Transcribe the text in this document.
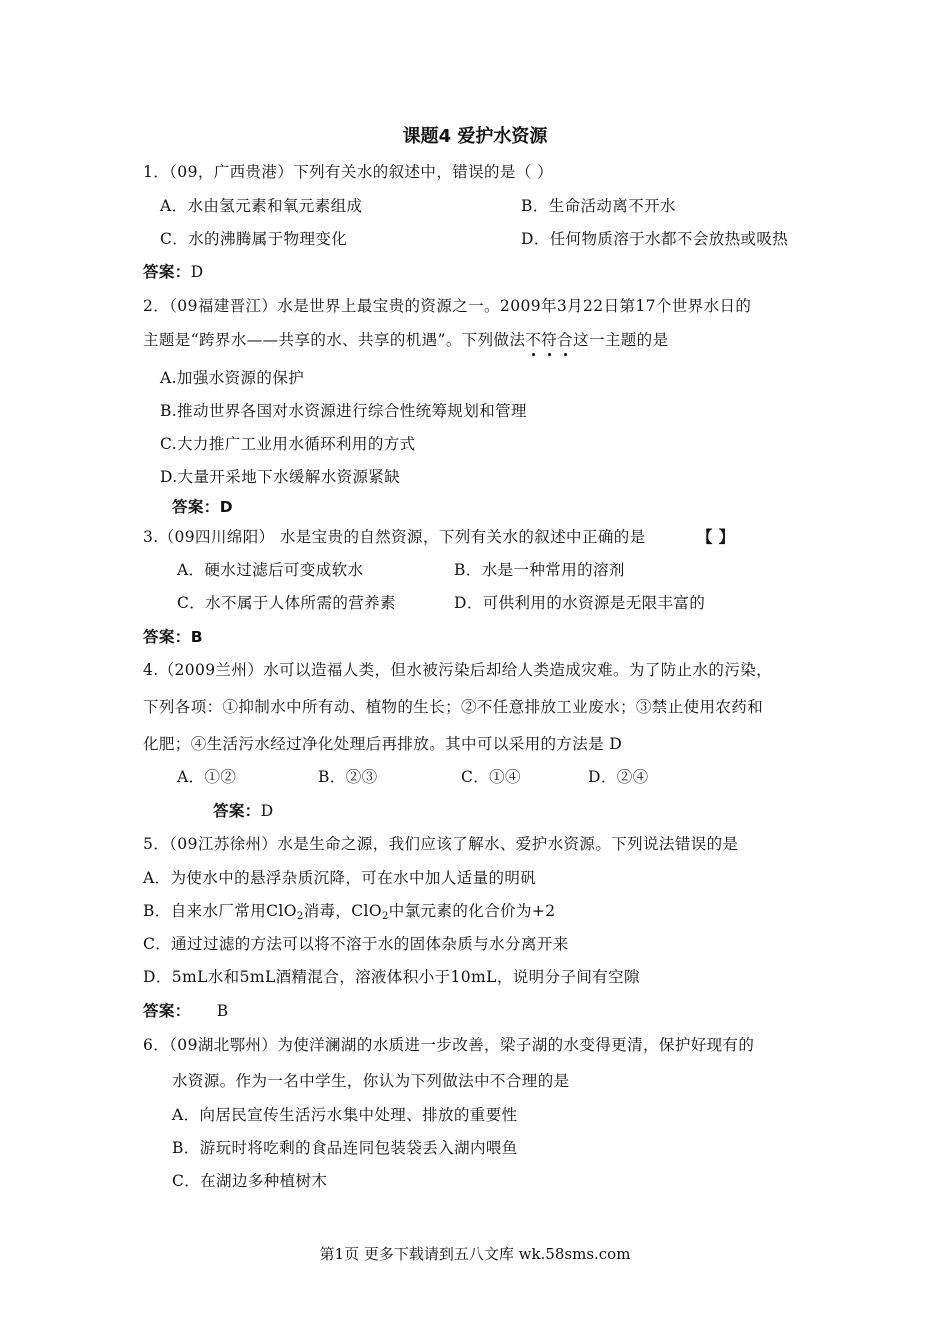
课题4 爱护水资源
1．（09，广西贵港）下列有关水的叙述中，错误的是（ ）
A．水由氢元素和氧元素组成	B．生命活动离不开水
C．水的沸腾属于物理变化	D．任何物质溶于水都不会放热或吸热
答案：D
2．（09福建晋江）水是世界上最宝贵的资源之一。2009年3月22日第17个世界水日的
主题是“跨界水——共享的水、共享的机遇”。下列做法不符合这一主题的是
A.加强水资源的保护
B.推动世界各国对水资源进行综合性统筹规划和管理
C.大力推广工业用水循环利用的方式
D.大量开采地下水缓解水资源紧缺
答案：D
3.（09四川绵阳） 水是宝贵的自然资源，下列有关水的叙述中正确的是	【 】
A．硬水过滤后可变成软水	B．水是一种常用的溶剂
C．水不属于人体所需的营养素	D．可供利用的水资源是无限丰富的
答案：B
4.（2009兰州）水可以造福人类，但水被污染后却给人类造成灾难。为了防止水的污染，
下列各项：①抑制水中所有动、植物的生长；②不任意排放工业废水；③禁止使用农药和
化肥；④生活污水经过净化处理后再排放。其中可以采用的方法是 D
A．①②	B．②③	C．①④	D．②④
答案：D
5．（09江苏徐州）水是生命之源，我们应该了解水、爱护水资源。下列说法错误的是
A．为使水中的悬浮杂质沉降，可在水中加人适量的明矾
B．自来水厂常用ClO$_2$消毒，ClO$_2$中氯元素的化合价为+2
C．通过过滤的方法可以将不溶于水的固体杂质与水分离开来
D．5mL水和5mL酒精混合，溶液体积小于10mL，说明分子间有空隙
答案： B
6．（09湖北鄂州）为使洋澜湖的水质进一步改善，梁子湖的水变得更清，保护好现有的
水资源。作为一名中学生，你认为下列做法中不合理的是
A．向居民宣传生活污水集中处理、排放的重要性
B．游玩时将吃剩的食品连同包装袋丢入湖内喂鱼
C．在湖边多种植树木
第1页 更多下载请到五八文库 wk.58sms.com
